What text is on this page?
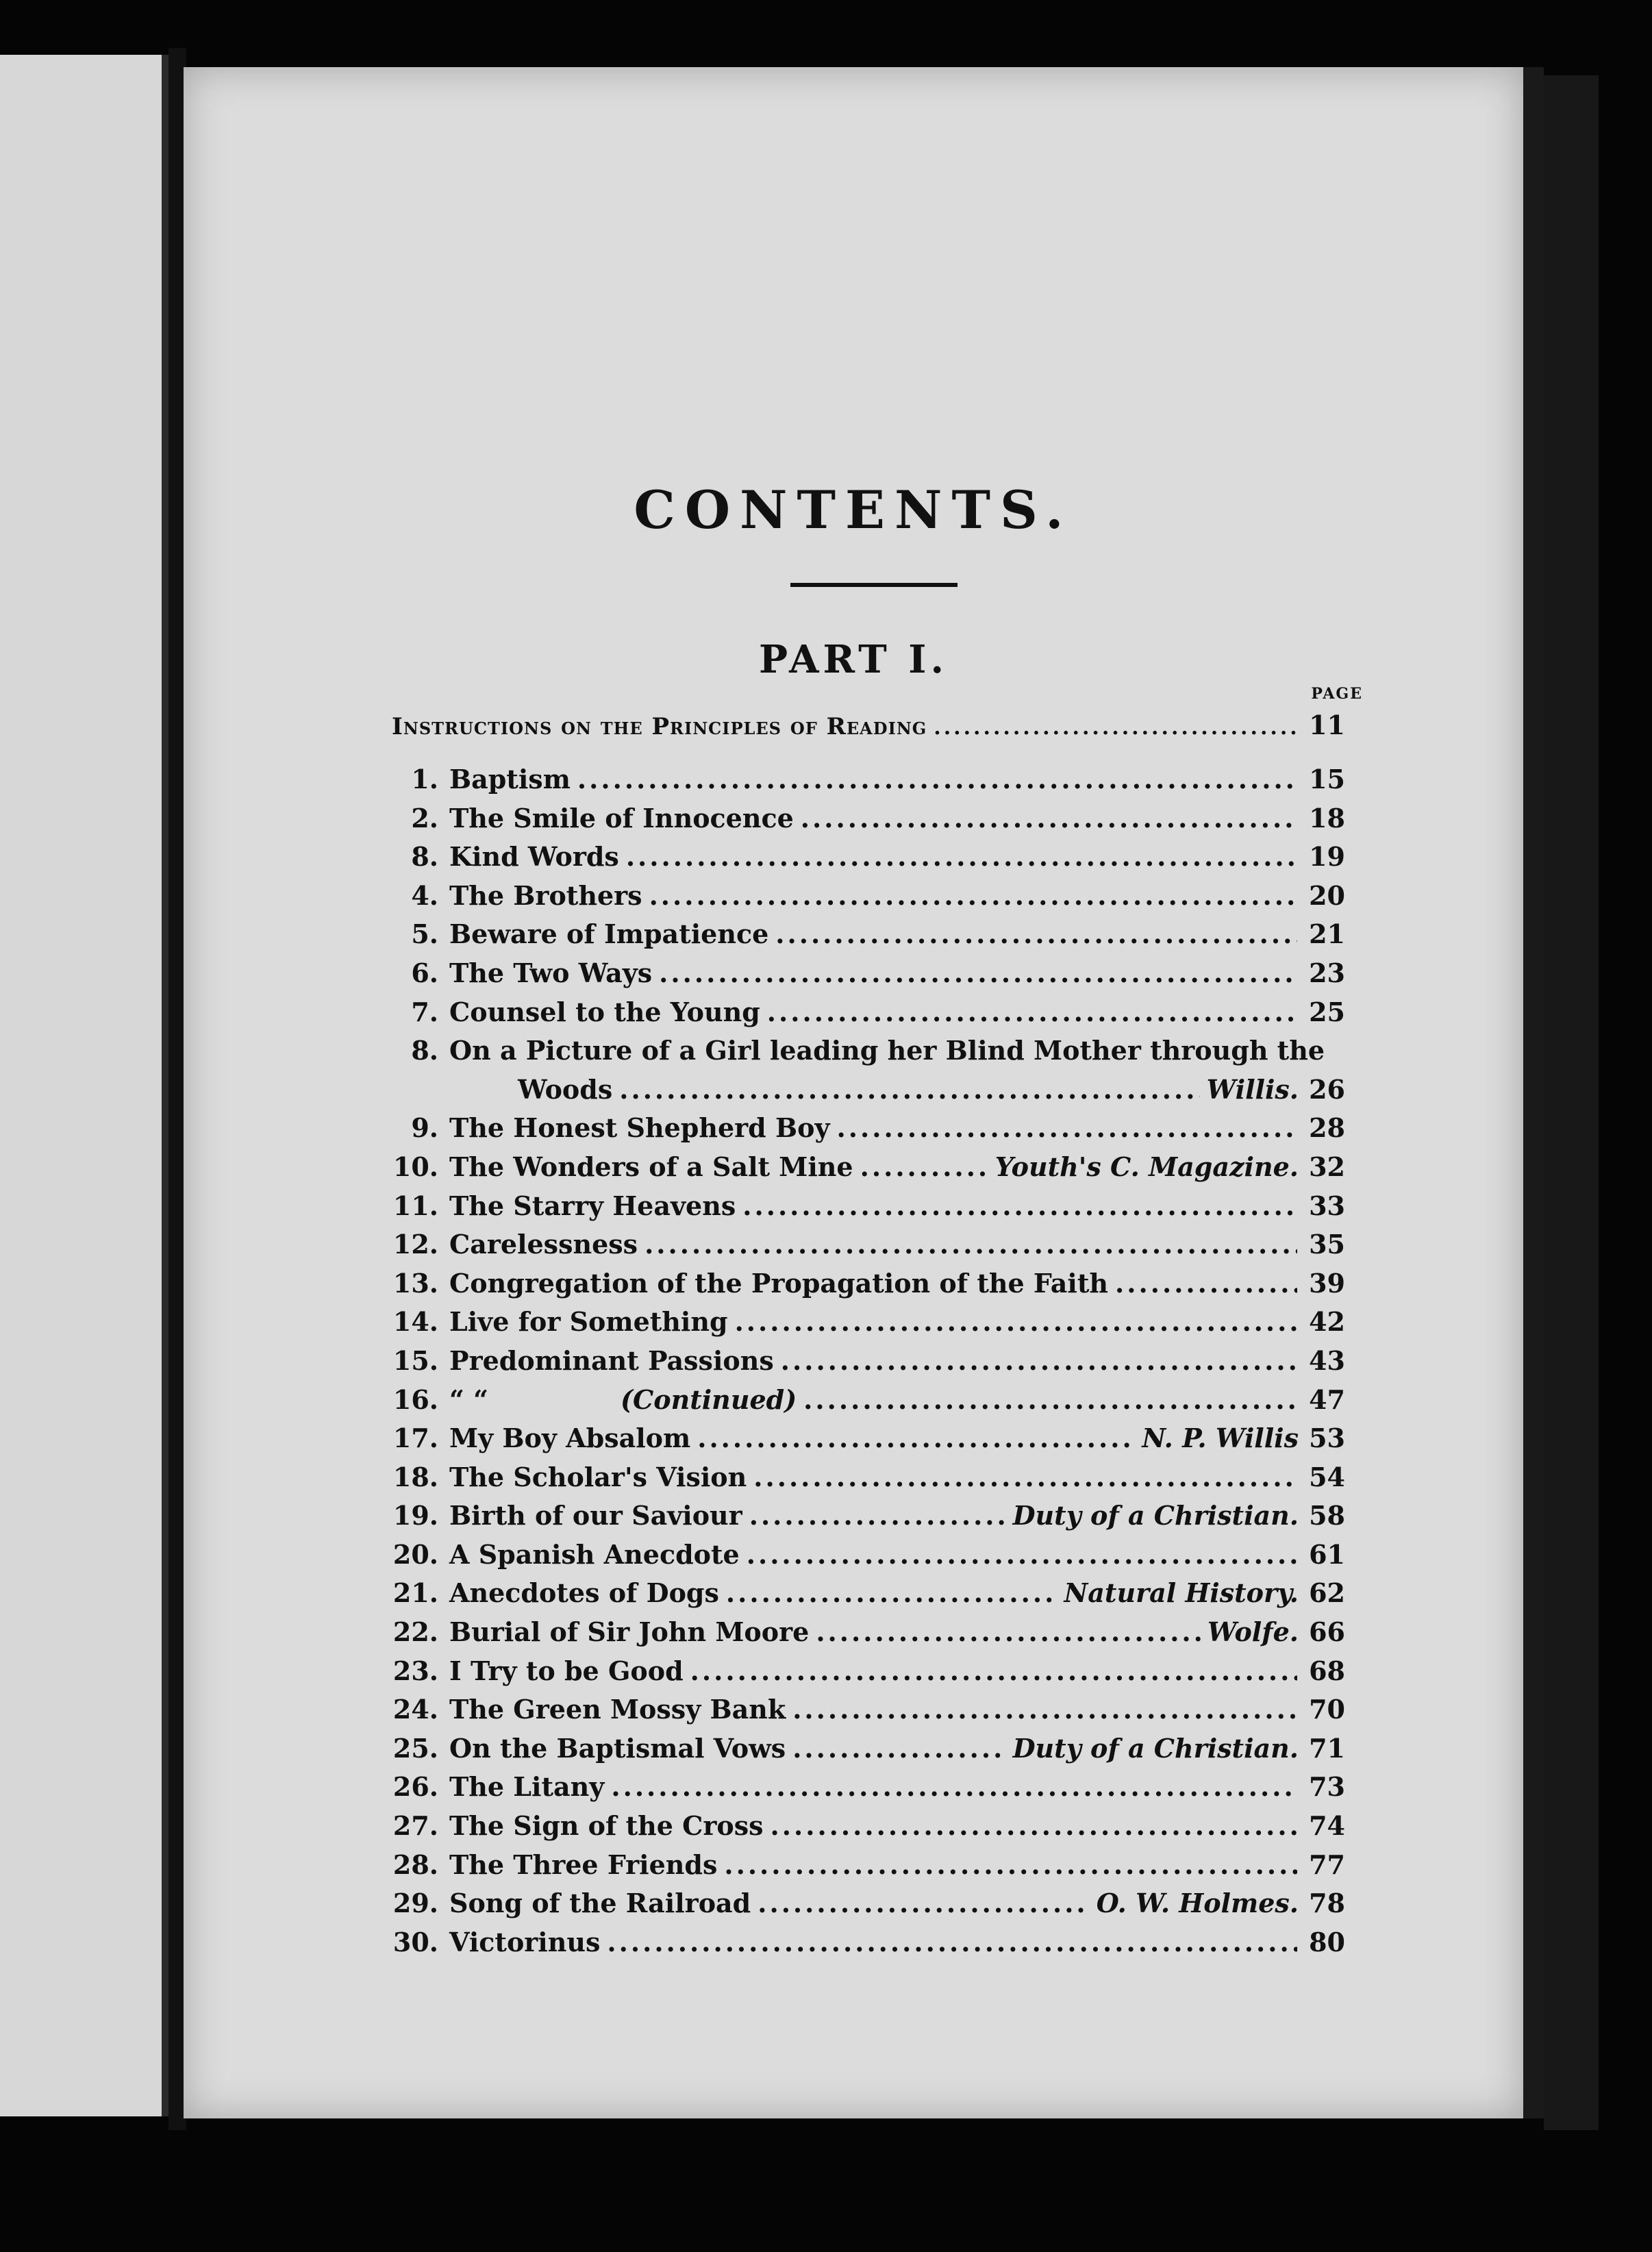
CONTENTS.
PART I.
PAGE
Instructions on the Principles of Reading .....	11
1. Baptism .....	15
2. The Smile of Innocence .....	18
8. Kind Words .....	19
4. The Brothers .....	20
5. Beware of Impatience .....	21
6. The Two Ways .....	23
7. Counsel to the Young .....	25
8. On a Picture of a Girl leading her Blind Mother through the
Woods .....	Willis. 26
9. The Honest Shepherd Boy .....	28
10. The Wonders of a Salt Mine .....	Youth's C. Magazine. 32
11. The Starry Heavens .....	33
12. Carelessness .....	35
13. Congregation of the Propagation of the Faith .....	39
14. Live for Something .....	42
15. Predominant Passions .....	43
16. “ “	(Continued) .....	47
17. My Boy Absalom .....	N. P. Willis 53
18. The Scholar's Vision .....	54
19. Birth of our Saviour .....	Duty of a Christian. 58
20. A Spanish Anecdote .....	61
21. Anecdotes of Dogs .....	Natural History. 62
22. Burial of Sir John Moore .....	Wolfe. 66
23. I Try to be Good .....	68
24. The Green Mossy Bank .....	70
25. On the Baptismal Vows .....	Duty of a Christian. 71
26. The Litany .....	73
27. The Sign of the Cross .....	74
28. The Three Friends .....	77
29. Song of the Railroad .....	O. W. Holmes. 78
30. Victorinus .....	80
